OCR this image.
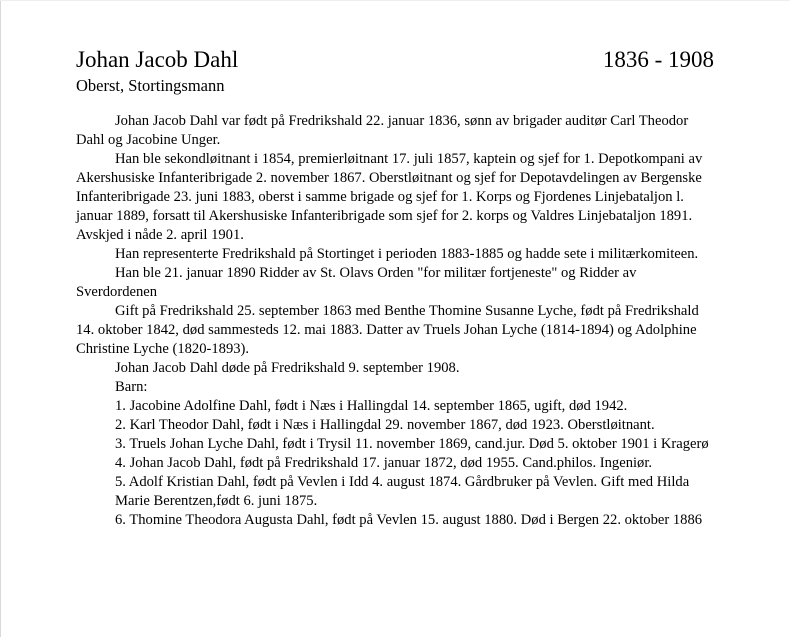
Johan Jacob Dahl	1836 - 1908
Oberst, Stortingsmann

Johan Jacob Dahl var født på Fredrikshald 22. januar 1836, sønn av brigader auditør Carl Theodor Dahl og Jacobine Unger.

Han ble sekondløitnant i 1854, premierløitnant 17. juli 1857, kaptein og sjef for 1. Depotkompani av Akershusiske Infanteribrigade 2. november 1867. Oberstløitnant og sjef for Depotavdelingen av Bergenske Infanteribrigade 23. juni 1883, oberst i samme brigade og sjef for 1. Korps og Fjordenes Linjebataljon l. januar 1889, forsatt til Akershusiske Infanteribrigade som sjef for 2. korps og Valdres Linjebataljon 1891. Avskjed i nåde 2. april 1901.

Han representerte Fredrikshald på Stortinget i perioden 1883-1885 og hadde sete i militærkomiteen.

Han ble 21. januar 1890 Ridder av St. Olavs Orden "for militær fortjeneste" og Ridder av Sverdordenen

Gift på Fredrikshald 25. september 1863 med Benthe Thomine Susanne Lyche, født på Fredrikshald 14. oktober 1842, død sammesteds 12. mai 1883. Datter av Truels Johan Lyche (1814-1894) og Adolphine Christine Lyche (1820-1893).

Johan Jacob Dahl døde på Fredrikshald 9. september 1908.

Barn:

1. Jacobine Adolfine Dahl, født i Næs i Hallingdal 14. september 1865, ugift, død 1942.

2. Karl Theodor Dahl, født i Næs i Hallingdal 29. november 1867, død 1923. Oberstløitnant.

3. Truels Johan Lyche Dahl, født i Trysil 11. november 1869, cand.jur. Død 5. oktober 1901 i Kragerø

4. Johan Jacob Dahl, født på Fredrikshald 17. januar 1872, død 1955. Cand.philos. Ingeniør.

5. Adolf Kristian Dahl, født på Vevlen i Idd 4. august 1874. Gårdbruker på Vevlen. Gift med Hilda Marie Berentzen,født 6. juni 1875.

6. Thomine Theodora Augusta Dahl, født på Vevlen 15. august 1880. Død i Bergen 22. oktober 1886
